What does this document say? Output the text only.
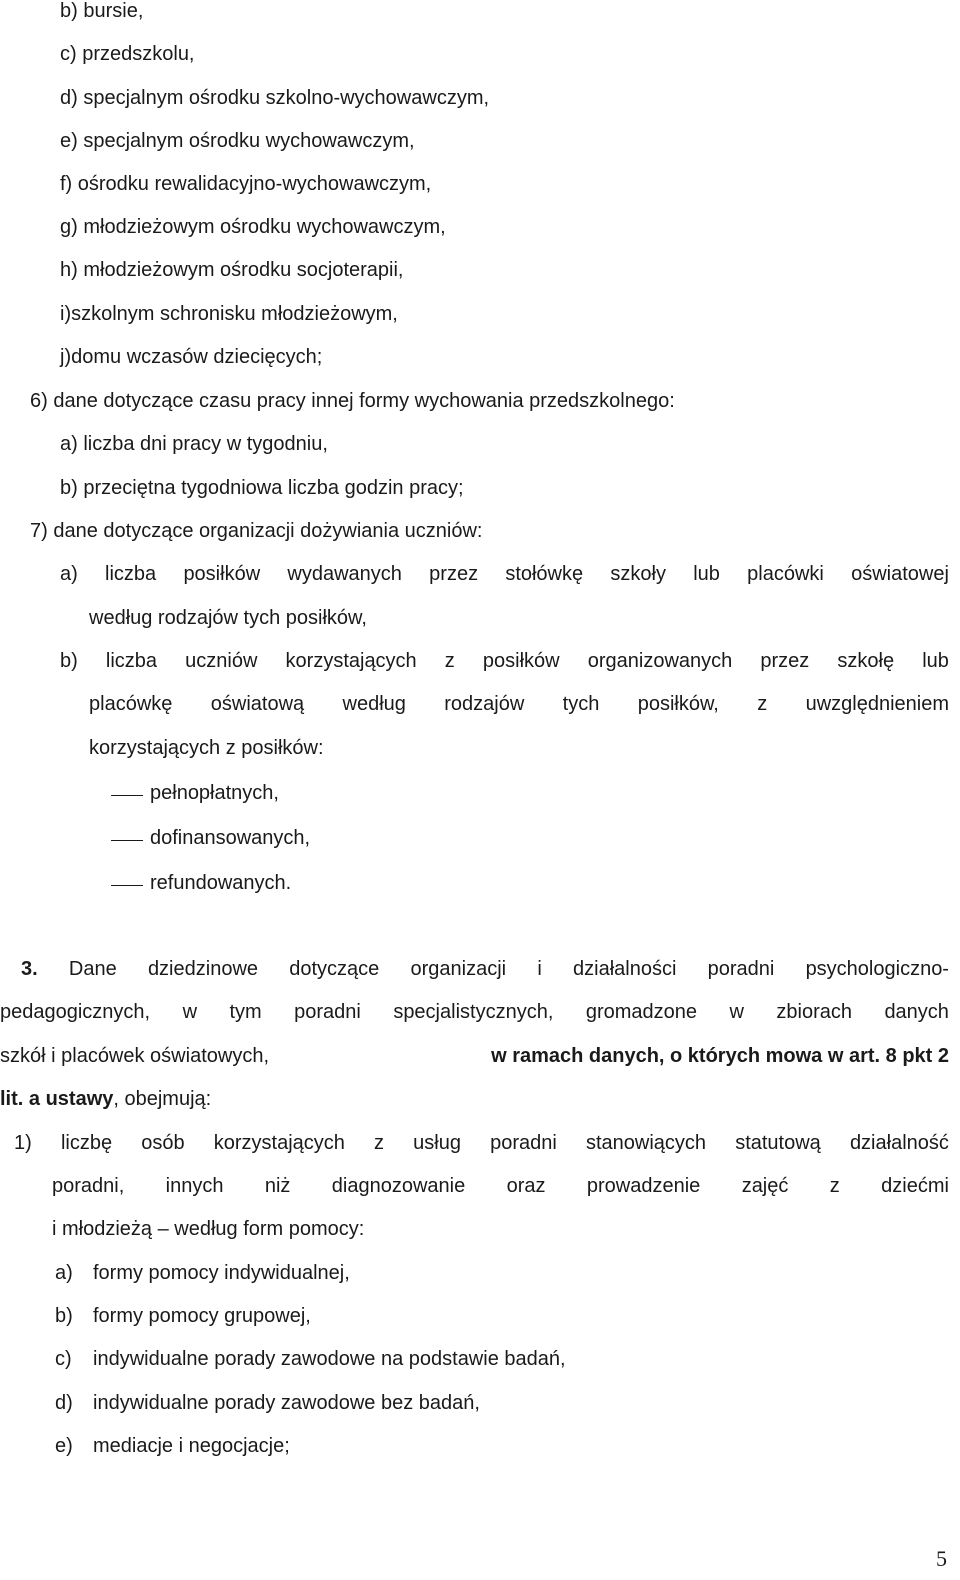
b) bursie,
c) przedszkolu,
d) specjalnym ośrodku szkolno-wychowawczym,
e) specjalnym ośrodku wychowawczym,
f) ośrodku rewalidacyjno-wychowawczym,
g) młodzieżowym ośrodku wychowawczym,
h) młodzieżowym ośrodku socjoterapii,
i)szkolnym schronisku młodzieżowym,
j)domu wczasów dziecięcych;
6) dane dotyczące czasu pracy innej formy wychowania przedszkolnego:
a) liczba dni pracy w tygodniu,
b) przeciętna tygodniowa liczba godzin pracy;
7) dane dotyczące organizacji dożywiania uczniów:
a) liczba posiłków wydawanych przez stołówkę szkoły lub placówki oświatowej
według rodzajów tych posiłków,
b) liczba uczniów korzystających z posiłków organizowanych przez szkołę lub
placówkę oświatową według rodzajów tych posiłków, z uwzględnieniem
korzystających z posiłków:
pełnopłatnych,
dofinansowanych,
refundowanych.
3. Dane dziedzinowe dotyczące organizacji i działalności poradni psychologiczno-
pedagogicznych, w tym poradni specjalistycznych, gromadzone w zbiorach danych
szkół i placówek oświatowych,	w ramach danych, o których mowa w art. 8 pkt 2
lit. a ustawy, obejmują:
1) liczbę osób korzystających z usług poradni stanowiących statutową działalność
poradni, innych niż diagnozowanie oraz prowadzenie zajęć z dziećmi
i młodzieżą – według form pomocy:
a) formy pomocy indywidualnej,
b) formy pomocy grupowej,
c) indywidualne porady zawodowe na podstawie badań,
d) indywidualne porady zawodowe bez badań,
e) mediacje i negocjacje;
5
